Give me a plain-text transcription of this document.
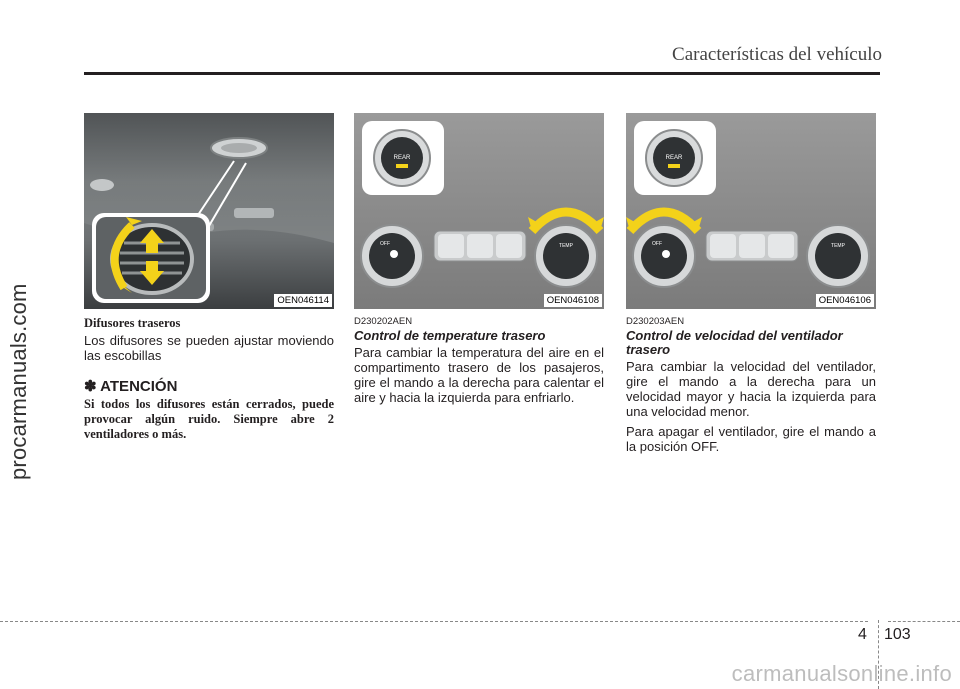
Características del vehículo
procarmanuals.com	OEN046114
REAR
OFF	TEMP
OEN046108
REAR
OFF	TEMP
OEN046106

Difusores traseros

Los difusores se pueden ajustar moviendo las escobillas

✽ ATENCIÓN

Si todos los difusores están cerrados, puede provocar algún ruido. Siempre abre 2 ventiladores o más.

D230202AEN

Control de temperature trasero

Para cambiar la temperatura del aire en el compartimento trasero de los pasajeros, gire el mando a la derecha para calentar el aire y hacia la izquierda para enfriarlo.

D230203AEN

Control de velocidad del ventilador trasero

Para cambiar la velocidad del ventilador, gire el mando a la derecha para un velocidad mayor y hacia la izquierda para una velocidad menor.

Para apagar el ventilador, gire el mando a la posición OFF.

4 103
carmanualsonline.info
